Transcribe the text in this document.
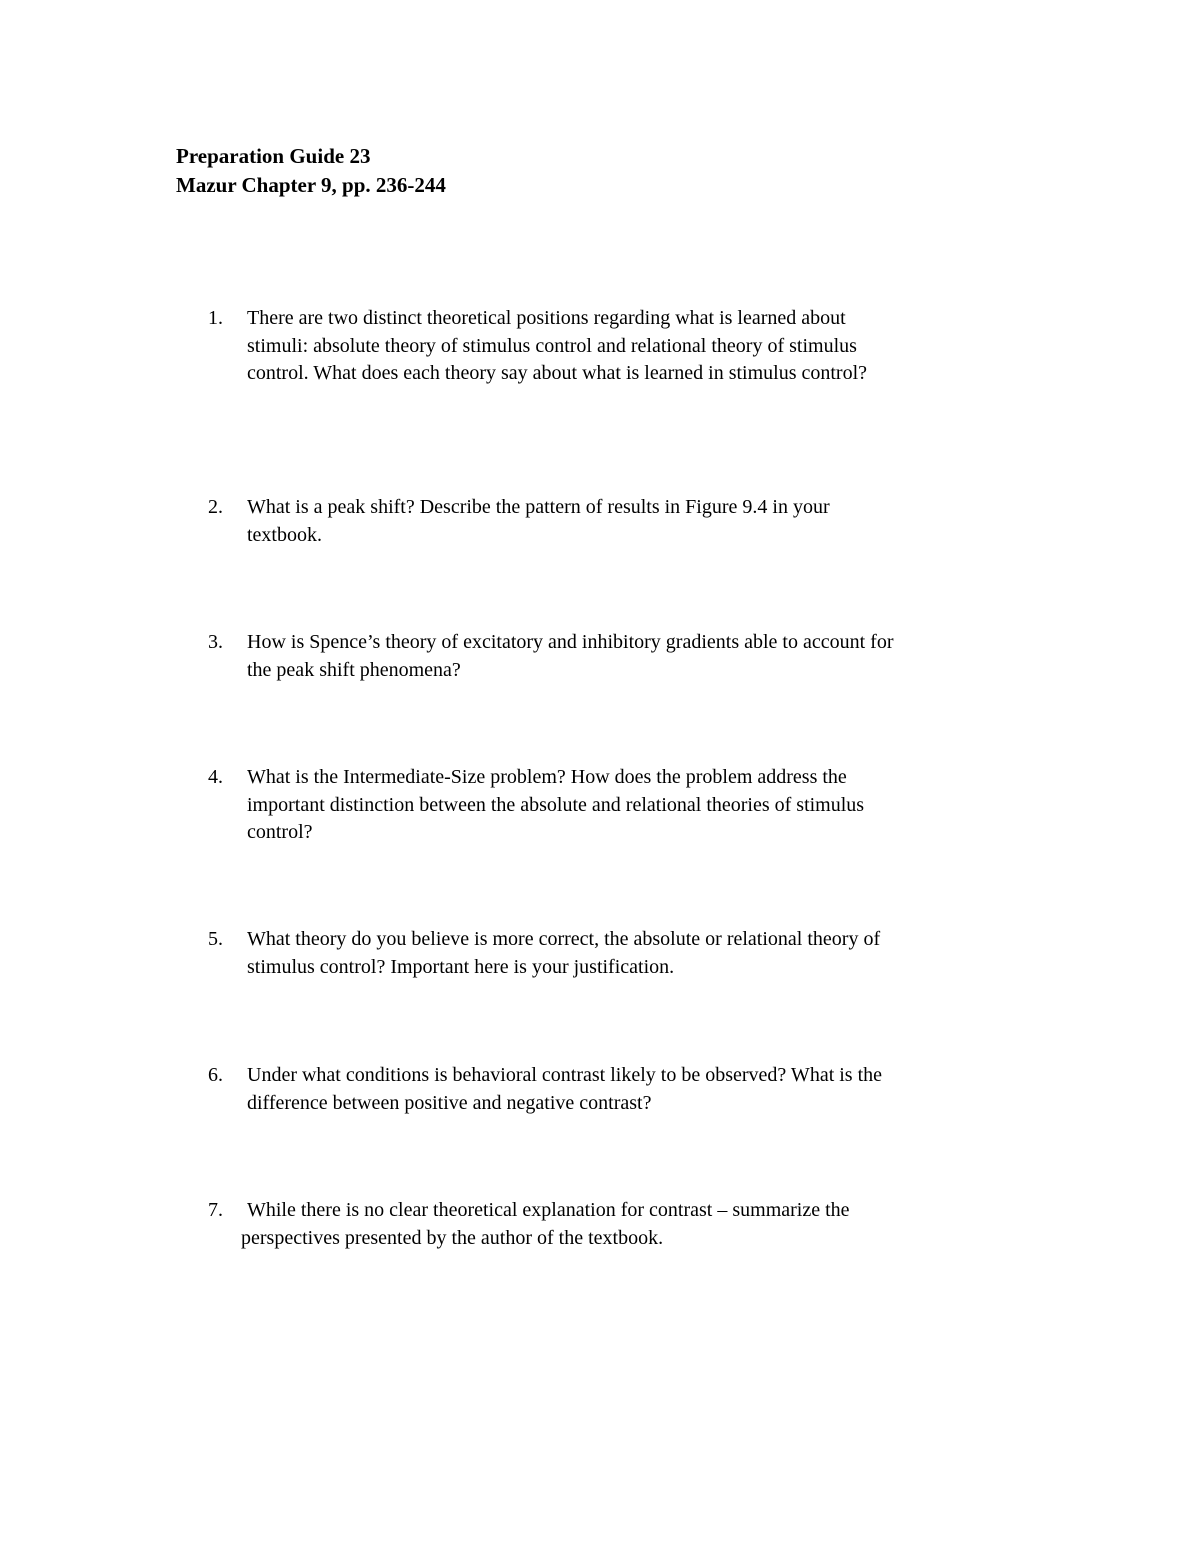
Preparation Guide 23
Mazur Chapter 9, pp. 236-244
1.	There are two distinct theoretical positions regarding what is learned about
stimuli: absolute theory of stimulus control and relational theory of stimulus
control. What does each theory say about what is learned in stimulus control?
2.	What is a peak shift? Describe the pattern of results in Figure 9.4 in your
textbook.
3.	How is Spence’s theory of excitatory and inhibitory gradients able to account for
the peak shift phenomena?
4.	What is the Intermediate-Size problem? How does the problem address the
important distinction between the absolute and relational theories of stimulus
control?
5.	What theory do you believe is more correct, the absolute or relational theory of
stimulus control? Important here is your justification.
6.	Under what conditions is behavioral contrast likely to be observed? What is the
difference between positive and negative contrast?
7.	While there is no clear theoretical explanation for contrast – summarize the
perspectives presented by the author of the textbook.
